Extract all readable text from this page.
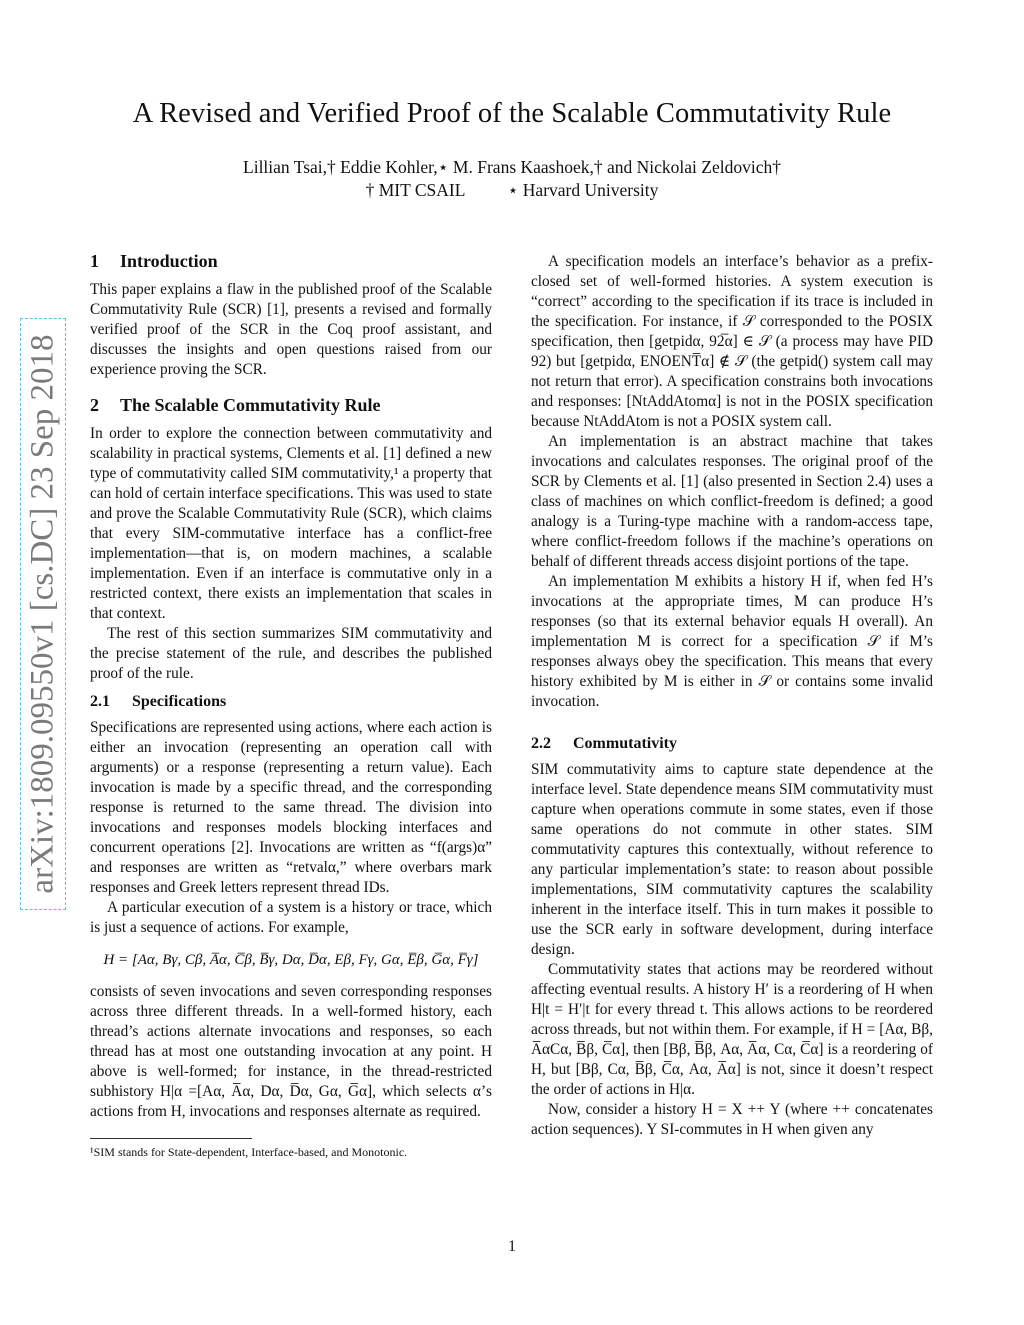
A Revised and Verified Proof of the Scalable Commutativity Rule
Lillian Tsai,† Eddie Kohler,⋆ M. Frans Kaashoek,† and Nickolai Zeldovich†
† MIT CSAIL ⋆ Harvard University
arXiv:1809.09550v1 [cs.DC] 23 Sep 2018
1 Introduction

This paper explains a flaw in the published proof of the Scalable Commutativity Rule (SCR) [1], presents a revised and formally verified proof of the SCR in the Coq proof assistant, and discusses the insights and open questions raised from our experience proving the SCR.

2 The Scalable Commutativity Rule

In order to explore the connection between commutativity and scalability in practical systems, Clements et al. [1] defined a new type of commutativity called SIM commutativity,¹ a property that can hold of certain interface specifications. This was used to state and prove the Scalable Commutativity Rule (SCR), which claims that every SIM-commutative interface has a conflict-free implementation—that is, on modern machines, a scalable implementation. Even if an interface is commutative only in a restricted context, there exists an implementation that scales in that context.

The rest of this section summarizes SIM commutativity and the precise statement of the rule, and describes the published proof of the rule.

2.1 Specifications

Specifications are represented using actions, where each action is either an invocation (representing an operation call with arguments) or a response (representing a return value). Each invocation is made by a specific thread, and the corresponding response is returned to the same thread. The division into invocations and responses models blocking interfaces and concurrent operations [2]. Invocations are written as “f(args)α” and responses are written as “retvalα,” where overbars mark responses and Greek letters represent thread IDs.

A particular execution of a system is a history or trace, which is just a sequence of actions. For example,

H = [Aα, Bγ, Cβ, A̅α, C̅β, B̅γ, Dα, D̅α, Eβ, Fγ, Gα, E̅β, G̅α, F̅γ]

consists of seven invocations and seven corresponding responses across three different threads. In a well-formed history, each thread’s actions alternate invocations and responses, so each thread has at most one outstanding invocation at any point. H above is well-formed; for instance, in the thread-restricted subhistory H|α =[Aα, A̅α, Dα, D̅α, Gα, G̅α], which selects α’s actions from H, invocations and responses alternate as required.

¹SIM stands for State-dependent, Interface-based, and Monotonic.

A specification models an interface’s behavior as a prefix-closed set of well-formed histories. A system execution is “correct” according to the specification if its trace is included in the specification. For instance, if 𝒮 corresponded to the POSIX specification, then [getpidα, 92̅α] ∈ 𝒮 (a process may have PID 92) but [getpidα, ENOENT̅α] ∉ 𝒮 (the getpid() system call may not return that error). A specification constrains both invocations and responses: [NtAddAtomα] is not in the POSIX specification because NtAddAtom is not a POSIX system call.

An implementation is an abstract machine that takes invocations and calculates responses. The original proof of the SCR by Clements et al. [1] (also presented in Section 2.4) uses a class of machines on which conflict-freedom is defined; a good analogy is a Turing-type machine with a random-access tape, where conflict-freedom follows if the machine’s operations on behalf of different threads access disjoint portions of the tape.

An implementation M exhibits a history H if, when fed H’s invocations at the appropriate times, M can produce H’s responses (so that its external behavior equals H overall). An implementation M is correct for a specification 𝒮 if M’s responses always obey the specification. This means that every history exhibited by M is either in 𝒮 or contains some invalid invocation.

2.2 Commutativity

SIM commutativity aims to capture state dependence at the interface level. State dependence means SIM commutativity must capture when operations commute in some states, even if those same operations do not commute in other states. SIM commutativity captures this contextually, without reference to any particular implementation’s state: to reason about possible implementations, SIM commutativity captures the scalability inherent in the interface itself. This in turn makes it possible to use the SCR early in software development, during interface design.

Commutativity states that actions may be reordered without affecting eventual results. A history H′ is a reordering of H when H|t = H′|t for every thread t. This allows actions to be reordered across threads, but not within them. For example, if H = [Aα, Bβ, A̅αCα, B̅β, C̅α], then [Bβ, B̅β, Aα, A̅α, Cα, C̅α] is a reordering of H, but [Bβ, Cα, B̅β, C̅α, Aα, A̅α] is not, since it doesn’t respect the order of actions in H|α.

Now, consider a history H = X ++ Y (where ++ concatenates action sequences). Y SI-commutes in H when given any

1
